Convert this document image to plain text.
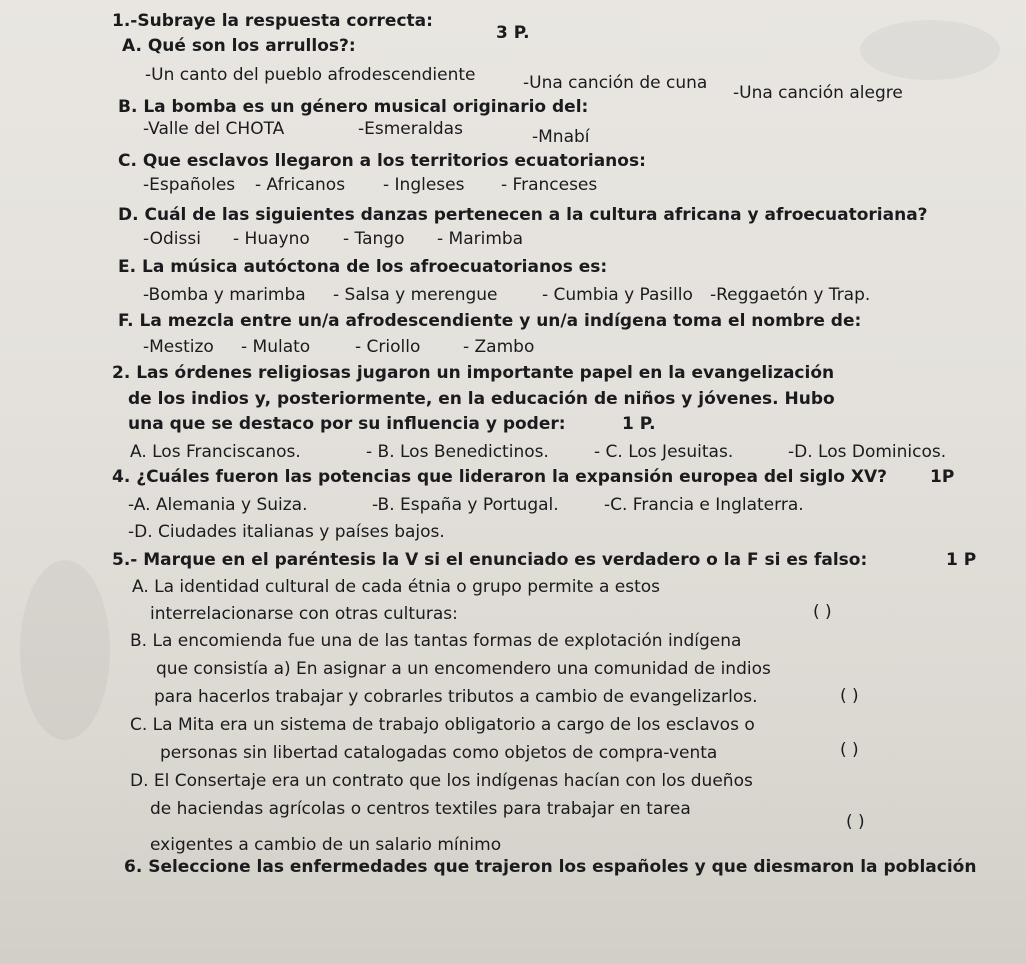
1.-Subraye la respuesta correcta:
3 P.
A. Qué son los arrullos?:
-Un canto del pueblo afrodescendiente	-Una canción de cuna -Una canción alegre
B. La bomba es un género musical originario del:
-Valle del CHOTA	-Esmeraldas	-Mnabí
C. Que esclavos llegaron a los territorios ecuatorianos:
-Españoles - Africanos - Ingleses - Franceses
D. Cuál de las siguientes danzas pertenecen a la cultura africana y afroecuatoriana?
-Odissi - Huayno - Tango - Marimba
E. La música autóctona de los afroecuatorianos es:
-Bomba y marimba - Salsa y merengue	- Cumbia y Pasillo -Reggaetón y Trap.
F. La mezcla entre un/a afrodescendiente y un/a indígena toma el nombre de:
-Mestizo - Mulato	- Criollo	- Zambo
2. Las órdenes religiosas jugaron un importante papel en la evangelización
de los indios y, posteriormente, en la educación de niños y jóvenes. Hubo
una que se destaco por su influencia y poder:	1 P.
A. Los Franciscanos.	- B. Los Benedictinos.	- C. Los Jesuitas.	-D. Los Dominicos.
4. ¿Cuáles fueron las potencias que lideraron la expansión europea del siglo XV?	1P
-A. Alemania y Suiza.	-B. España y Portugal.	-C. Francia e Inglaterra.
-D. Ciudades italianas y países bajos.
5.- Marque en el paréntesis la V si el enunciado es verdadero o la F si es falso:	1 P
A. La identidad cultural de cada étnia o grupo permite a estos
interrelacionarse con otras culturas:	( )
B. La encomienda fue una de las tantas formas de explotación indígena
que consistía a) En asignar a un encomendero una comunidad de indios
para hacerlos trabajar y cobrarles tributos a cambio de evangelizarlos.	( )
C. La Mita era un sistema de trabajo obligatorio a cargo de los esclavos o
personas sin libertad catalogadas como objetos de compra-venta	( )
D. El Consertaje era un contrato que los indígenas hacían con los dueños
de haciendas agrícolas o centros textiles para trabajar en tarea
( )
exigentes a cambio de un salario mínimo
6. Seleccione las enfermedades que trajeron los españoles y que diesmaron la población
